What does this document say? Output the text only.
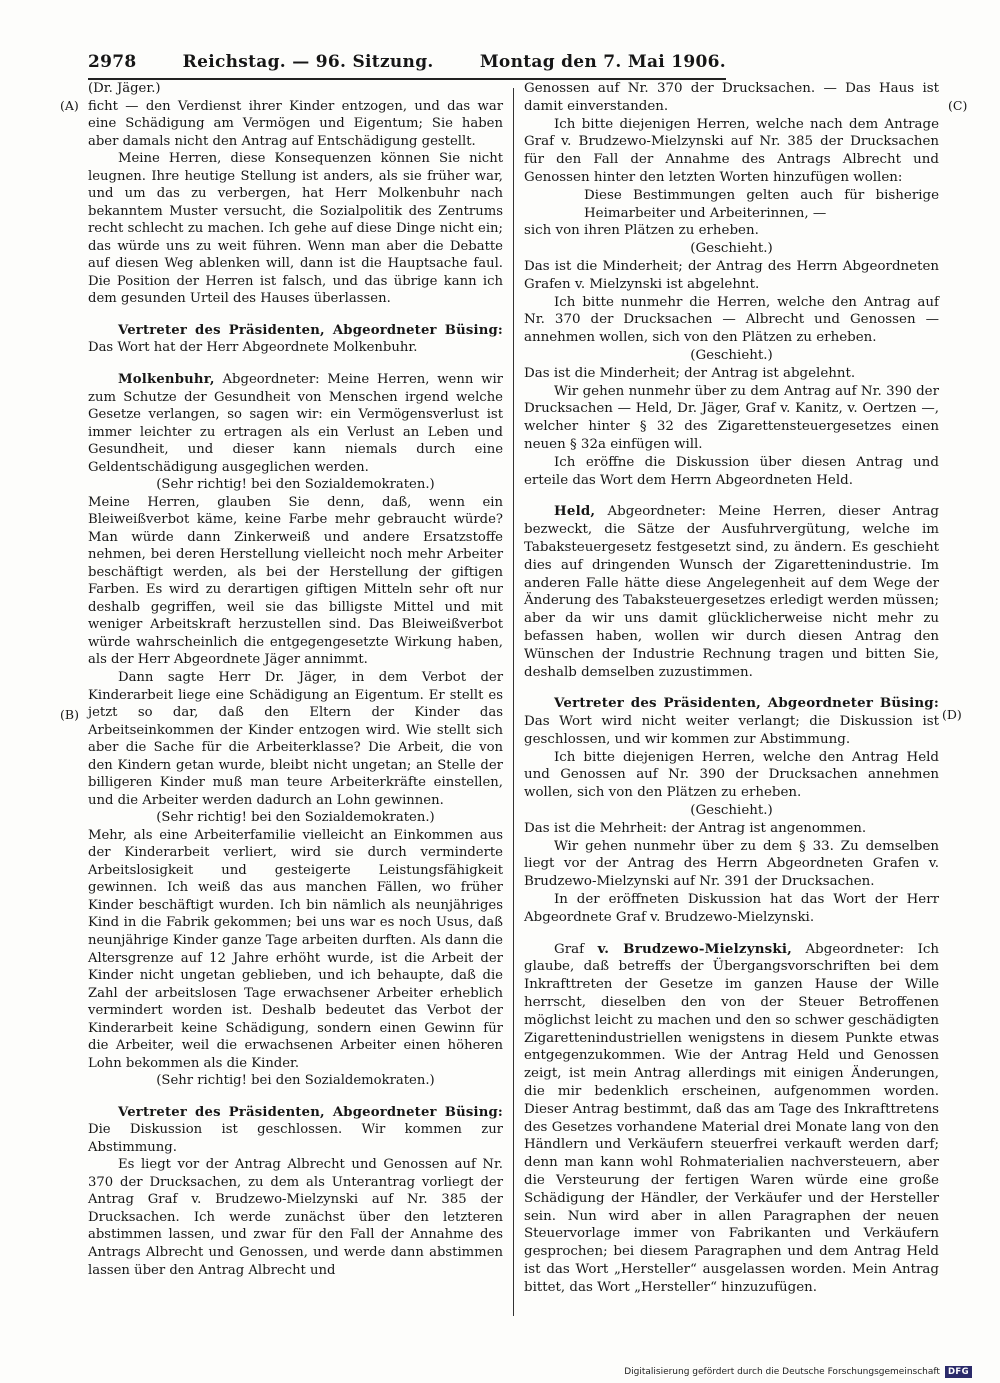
2978	Reichstag. — 96. Sitzung.	Montag den 7. Mai 1906.
(A)
(B)
(C)
(D)

(Dr. Jäger.)

ficht — den Verdienst ihrer Kinder entzogen, und das war eine Schädigung am Vermögen und Eigentum; Sie haben aber damals nicht den Antrag auf Entschädigung gestellt.

Meine Herren, diese Konsequenzen können Sie nicht leugnen. Ihre heutige Stellung ist anders, als sie früher war, und um das zu verbergen, hat Herr Molkenbuhr nach bekanntem Muster versucht, die Sozialpolitik des Zentrums recht schlecht zu machen. Ich gehe auf diese Dinge nicht ein; das würde uns zu weit führen. Wenn man aber die Debatte auf diesen Weg ablenken will, dann ist die Hauptsache faul. Die Position der Herren ist falsch, und das übrige kann ich dem gesunden Urteil des Hauses überlassen.

Vertreter des Präsidenten, Abgeordneter Büsing: Das Wort hat der Herr Abgeordnete Molkenbuhr.

Molkenbuhr, Abgeordneter: Meine Herren, wenn wir zum Schutze der Gesundheit von Menschen irgend welche Gesetze verlangen, so sagen wir: ein Vermögensverlust ist immer leichter zu ertragen als ein Verlust an Leben und Gesundheit, und dieser kann niemals durch eine Geldentschädigung ausgeglichen werden.

(Sehr richtig! bei den Sozialdemokraten.)

Meine Herren, glauben Sie denn, daß, wenn ein Bleiweißverbot käme, keine Farbe mehr gebraucht würde? Man würde dann Zinkerweiß und andere Ersatzstoffe nehmen, bei deren Herstellung vielleicht noch mehr Arbeiter beschäftigt werden, als bei der Herstellung der giftigen Farben. Es wird zu derartigen giftigen Mitteln sehr oft nur deshalb gegriffen, weil sie das billigste Mittel und mit weniger Arbeitskraft herzustellen sind. Das Bleiweißverbot würde wahrscheinlich die entgegengesetzte Wirkung haben, als der Herr Abgeordnete Jäger annimmt.

Dann sagte Herr Dr. Jäger, in dem Verbot der Kinderarbeit liege eine Schädigung an Eigentum. Er stellt es jetzt so dar, daß den Eltern der Kinder das Arbeitseinkommen der Kinder entzogen wird. Wie stellt sich aber die Sache für die Arbeiterklasse? Die Arbeit, die von den Kindern getan wurde, bleibt nicht ungetan; an Stelle der billigeren Kinder muß man teure Arbeiterkräfte einstellen, und die Arbeiter werden dadurch an Lohn gewinnen.

(Sehr richtig! bei den Sozialdemokraten.)

Mehr, als eine Arbeiterfamilie vielleicht an Einkommen aus der Kinderarbeit verliert, wird sie durch verminderte Arbeitslosigkeit und gesteigerte Leistungsfähigkeit gewinnen. Ich weiß das aus manchen Fällen, wo früher Kinder beschäftigt wurden. Ich bin nämlich als neunjähriges Kind in die Fabrik gekommen; bei uns war es noch Usus, daß neunjährige Kinder ganze Tage arbeiten durften. Als dann die Altersgrenze auf 12 Jahre erhöht wurde, ist die Arbeit der Kinder nicht ungetan geblieben, und ich behaupte, daß die Zahl der arbeitslosen Tage erwachsener Arbeiter erheblich vermindert worden ist. Deshalb bedeutet das Verbot der Kinderarbeit keine Schädigung, sondern einen Gewinn für die Arbeiter, weil die erwachsenen Arbeiter einen höheren Lohn bekommen als die Kinder.

(Sehr richtig! bei den Sozialdemokraten.)

Vertreter des Präsidenten, Abgeordneter Büsing: Die Diskussion ist geschlossen. Wir kommen zur Abstimmung.

Es liegt vor der Antrag Albrecht und Genossen auf Nr. 370 der Drucksachen, zu dem als Unterantrag vorliegt der Antrag Graf v. Brudzewo-Mielzynski auf Nr. 385 der Drucksachen. Ich werde zunächst über den letzteren abstimmen lassen, und zwar für den Fall der Annahme des Antrags Albrecht und Genossen, und werde dann abstimmen lassen über den Antrag Albrecht und

Genossen auf Nr. 370 der Drucksachen. — Das Haus ist damit einverstanden.

Ich bitte diejenigen Herren, welche nach dem Antrage Graf v. Brudzewo-Mielzynski auf Nr. 385 der Drucksachen für den Fall der Annahme des Antrags Albrecht und Genossen hinter den letzten Worten hinzufügen wollen:

Diese Bestimmungen gelten auch für bisherige Heimarbeiter und Arbeiterinnen, —

sich von ihren Plätzen zu erheben.

(Geschieht.)

Das ist die Minderheit; der Antrag des Herrn Abgeordneten Grafen v. Mielzynski ist abgelehnt.

Ich bitte nunmehr die Herren, welche den Antrag auf Nr. 370 der Drucksachen — Albrecht und Genossen — annehmen wollen, sich von den Plätzen zu erheben.

(Geschieht.)

Das ist die Minderheit; der Antrag ist abgelehnt.

Wir gehen nunmehr über zu dem Antrag auf Nr. 390 der Drucksachen — Held, Dr. Jäger, Graf v. Kanitz, v. Oertzen —, welcher hinter § 32 des Zigarettensteuergesetzes einen neuen § 32a einfügen will.

Ich eröffne die Diskussion über diesen Antrag und erteile das Wort dem Herrn Abgeordneten Held.

Held, Abgeordneter: Meine Herren, dieser Antrag bezweckt, die Sätze der Ausfuhrvergütung, welche im Tabaksteuergesetz festgesetzt sind, zu ändern. Es geschieht dies auf dringenden Wunsch der Zigarettenindustrie. Im anderen Falle hätte diese Angelegenheit auf dem Wege der Änderung des Tabaksteuergesetzes erledigt werden müssen; aber da wir uns damit glücklicherweise nicht mehr zu befassen haben, wollen wir durch diesen Antrag den Wünschen der Industrie Rechnung tragen und bitten Sie, deshalb demselben zuzustimmen.

Vertreter des Präsidenten, Abgeordneter Büsing: Das Wort wird nicht weiter verlangt; die Diskussion ist geschlossen, und wir kommen zur Abstimmung.

Ich bitte diejenigen Herren, welche den Antrag Held und Genossen auf Nr. 390 der Drucksachen annehmen wollen, sich von den Plätzen zu erheben.

(Geschieht.)

Das ist die Mehrheit: der Antrag ist angenommen.

Wir gehen nunmehr über zu dem § 33. Zu demselben liegt vor der Antrag des Herrn Abgeordneten Grafen v. Brudzewo-Mielzynski auf Nr. 391 der Drucksachen.

In der eröffneten Diskussion hat das Wort der Herr Abgeordnete Graf v. Brudzewo-Mielzynski.

Graf v. Brudzewo-Mielzynski, Abgeordneter: Ich glaube, daß betreffs der Übergangsvorschriften bei dem Inkrafttreten der Gesetze im ganzen Hause der Wille herrscht, dieselben den von der Steuer Betroffenen möglichst leicht zu machen und den so schwer geschädigten Zigarettenindustriellen wenigstens in diesem Punkte etwas entgegenzukommen. Wie der Antrag Held und Genossen zeigt, ist mein Antrag allerdings mit einigen Änderungen, die mir bedenklich erscheinen, aufgenommen worden. Dieser Antrag bestimmt, daß das am Tage des Inkrafttretens des Gesetzes vorhandene Material drei Monate lang von den Händlern und Verkäufern steuerfrei verkauft werden darf; denn man kann wohl Rohmaterialien nachversteuern, aber die Versteurung der fertigen Waren würde eine große Schädigung der Händler, der Verkäufer und der Hersteller sein. Nun wird aber in allen Paragraphen der neuen Steuervorlage immer von Fabrikanten und Verkäufern gesprochen; bei diesem Paragraphen und dem Antrag Held ist das Wort „Hersteller“ ausgelassen worden. Mein Antrag bittet, das Wort „Hersteller“ hinzuzufügen.

Digitalisierung gefördert durch die Deutsche Forschungsgemeinschaft DFG
